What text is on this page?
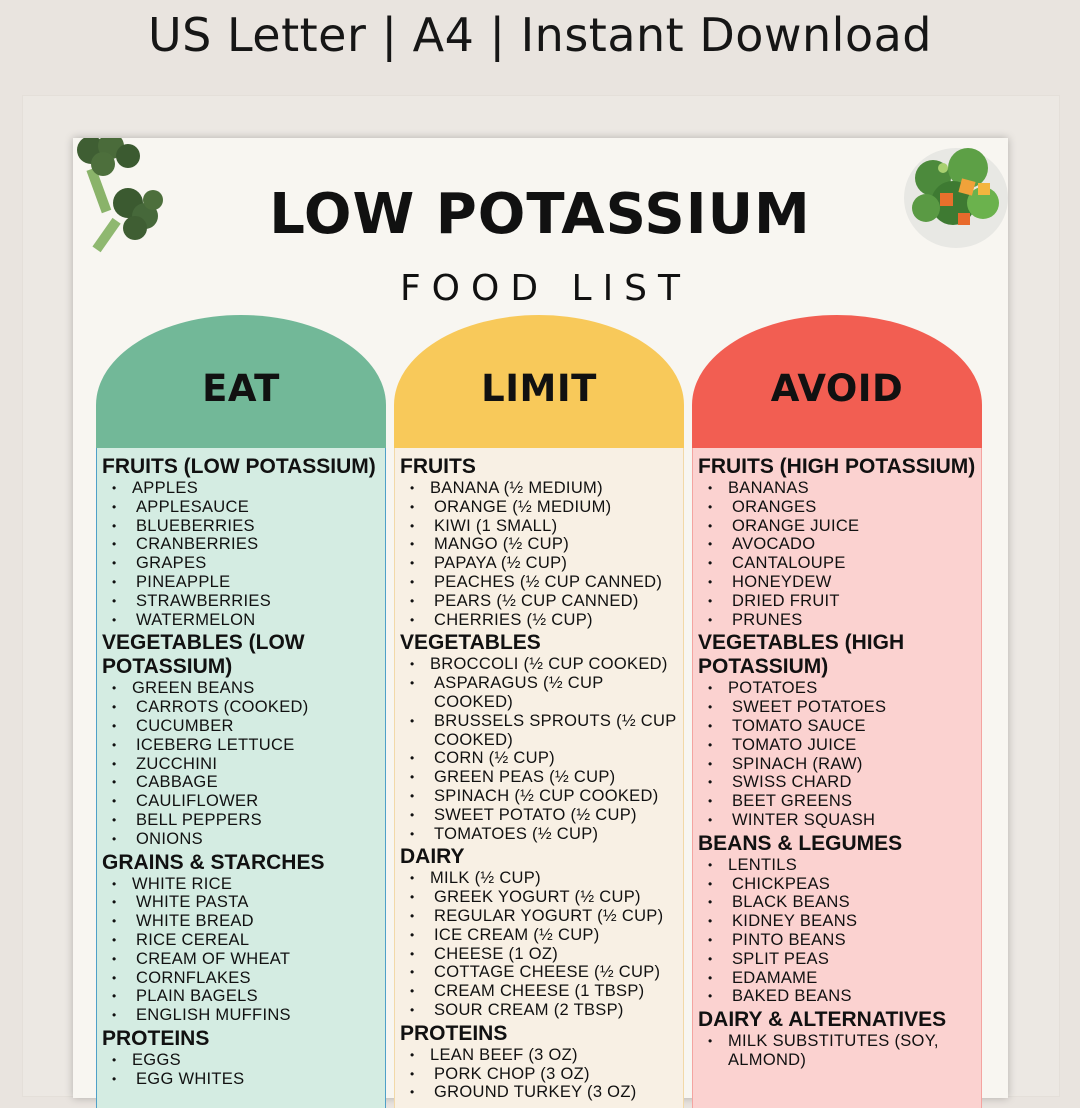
US Letter | A4 | Instant Download
LOW POTASSIUM
FOOD LIST
EAT
FRUITS (LOW POTASSIUM)
• APPLES
• APPLESAUCE
• BLUEBERRIES
• CRANBERRIES
• GRAPES
• PINEAPPLE
• STRAWBERRIES
• WATERMELON
VEGETABLES (LOW POTASSIUM)
• GREEN BEANS
• CARROTS (COOKED)
• CUCUMBER
• ICEBERG LETTUCE
• ZUCCHINI
• CABBAGE
• CAULIFLOWER
• BELL PEPPERS
• ONIONS
GRAINS & STARCHES
• WHITE RICE
• WHITE PASTA
• WHITE BREAD
• RICE CEREAL
• CREAM OF WHEAT
• CORNFLAKES
• PLAIN BAGELS
• ENGLISH MUFFINS
PROTEINS
• EGGS
• EGG WHITES
LIMIT
FRUITS
• BANANA (½ MEDIUM)
• ORANGE (½ MEDIUM)
• KIWI (1 SMALL)
• MANGO (½ CUP)
• PAPAYA (½ CUP)
• PEACHES (½ CUP CANNED)
• PEARS (½ CUP CANNED)
• CHERRIES (½ CUP)
VEGETABLES
• BROCCOLI (½ CUP COOKED)
• ASPARAGUS (½ CUP COOKED)
• BRUSSELS SPROUTS (½ CUP COOKED)
• CORN (½ CUP)
• GREEN PEAS (½ CUP)
• SPINACH (½ CUP COOKED)
• SWEET POTATO (½ CUP)
• TOMATOES (½ CUP)
DAIRY
• MILK (½ CUP)
• GREEK YOGURT (½ CUP)
• REGULAR YOGURT (½ CUP)
• ICE CREAM (½ CUP)
• CHEESE (1 OZ)
• COTTAGE CHEESE (½ CUP)
• CREAM CHEESE (1 TBSP)
• SOUR CREAM (2 TBSP)
PROTEINS
• LEAN BEEF (3 OZ)
• PORK CHOP (3 OZ)
• GROUND TURKEY (3 OZ)
AVOID
FRUITS (HIGH POTASSIUM)
• BANANAS
• ORANGES
• ORANGE JUICE
• AVOCADO
• CANTALOUPE
• HONEYDEW
• DRIED FRUIT
• PRUNES
VEGETABLES (HIGH POTASSIUM)
• POTATOES
• SWEET POTATOES
• TOMATO SAUCE
• TOMATO JUICE
• SPINACH (RAW)
• SWISS CHARD
• BEET GREENS
• WINTER SQUASH
BEANS & LEGUMES
• LENTILS
• CHICKPEAS
• BLACK BEANS
• KIDNEY BEANS
• PINTO BEANS
• SPLIT PEAS
• EDAMAME
• BAKED BEANS
DAIRY & ALTERNATIVES
• MILK SUBSTITUTES (SOY, ALMOND)
